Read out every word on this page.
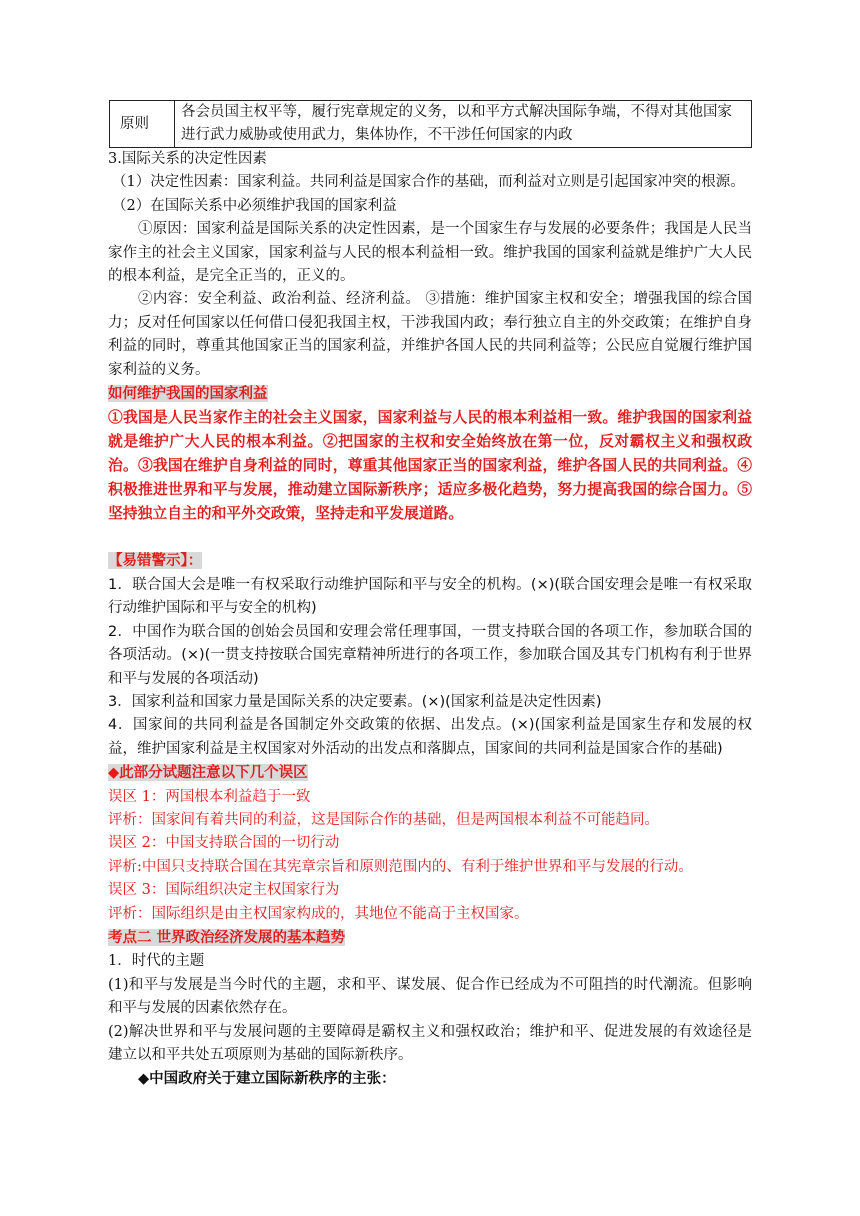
原则	各会员国主权平等，履行宪章规定的义务，以和平方式解决国际争端，不得对其他国家进行武力威胁或使用武力，集体协作，不干涉任何国家的内政

3.国际关系的决定性因素

（1）决定性因素：国家利益。共同利益是国家合作的基础，而利益对立则是引起国家冲突的根源。

（2）在国际关系中必须维护我国的国家利益

①原因：国家利益是国际关系的决定性因素，是一个国家生存与发展的必要条件；我国是人民当家作主的社会主义国家，国家利益与人民的根本利益相一致。维护我国的国家利益就是维护广大人民的根本利益，是完全正当的，正义的。

②内容：安全利益、政治利益、经济利益。 ③措施：维护国家主权和安全；增强我国的综合国力；反对任何国家以任何借口侵犯我国主权，干涉我国内政；奉行独立自主的外交政策；在维护自身利益的同时，尊重其他国家正当的国家利益，并维护各国人民的共同利益等；公民应自觉履行维护国家利益的义务。

如何维护我国的国家利益

①我国是人民当家作主的社会主义国家，国家利益与人民的根本利益相一致。维护我国的国家利益就是维护广大人民的根本利益。②把国家的主权和安全始终放在第一位，反对霸权主义和强权政治。③我国在维护自身利益的同时，尊重其他国家正当的国家利益，维护各国人民的共同利益。④积极推进世界和平与发展，推动建立国际新秩序；适应多极化趋势，努力提高我国的综合国力。⑤坚持独立自主的和平外交政策，坚持走和平发展道路。

【易错警示】：

1．联合国大会是唯一有权采取行动维护国际和平与安全的机构。(×)(联合国安理会是唯一有权采取行动维护国际和平与安全的机构)

2．中国作为联合国的创始会员国和安理会常任理事国，一贯支持联合国的各项工作，参加联合国的各项活动。(×)(一贯支持按联合国宪章精神所进行的各项工作，参加联合国及其专门机构有利于世界和平与发展的各项活动)

3．国家利益和国家力量是国际关系的决定要素。(×)(国家利益是决定性因素)

4．国家间的共同利益是各国制定外交政策的依据、出发点。(×)(国家利益是国家生存和发展的权益，维护国家利益是主权国家对外活动的出发点和落脚点，国家间的共同利益是国家合作的基础)

◆此部分试题注意以下几个误区

误区 1：两国根本利益趋于一致

评析：国家间有着共同的利益，这是国际合作的基础，但是两国根本利益不可能趋同。

误区 2：中国支持联合国的一切行动

评析:中国只支持联合国在其宪章宗旨和原则范围内的、有利于维护世界和平与发展的行动。

误区 3：国际组织决定主权国家行为

评析：国际组织是由主权国家构成的，其地位不能高于主权国家。

考点二 世界政治经济发展的基本趋势

1．时代的主题

(1)和平与发展是当今时代的主题，求和平、谋发展、促合作已经成为不可阻挡的时代潮流。但影响和平与发展的因素依然存在。

(2)解决世界和平与发展问题的主要障碍是霸权主义和强权政治；维护和平、促进发展的有效途径是建立以和平共处五项原则为基础的国际新秩序。

◆中国政府关于建立国际新秩序的主张：
